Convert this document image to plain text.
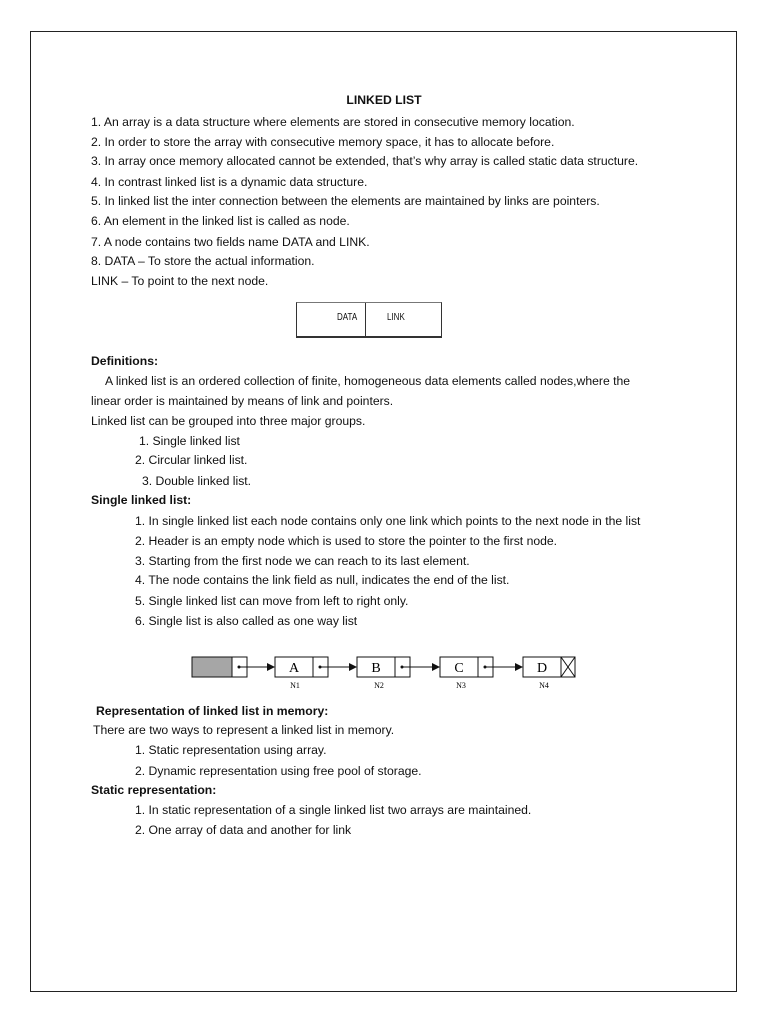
LINKED LIST
1. An array is a data structure where elements are stored in consecutive memory location.
2. In order to store the array with consecutive memory space, it has to allocate before.
3. In array once memory allocated cannot be extended, that’s why array is called static data structure.
4. In contrast linked list is a dynamic data structure.
5. In linked list the inter connection between the elements are maintained by links are pointers.
6. An element in the linked list is called as node.
7. A node contains two fields name DATA and LINK.
8. DATA – To store the actual information.
LINK – To point to the next node.
DATA	LINK
Definitions:
A linked list is an ordered collection of finite, homogeneous data elements called nodes,where the
linear order is maintained by means of link and pointers.
Linked list can be grouped into three major groups.
1. Single linked list
2. Circular linked list.
3. Double linked list.
Single linked list:
1. In single linked list each node contains only one link which points to the next node in the list
2. Header is an empty node which is used to store the pointer to the first node.
3. Starting from the first node we can reach to its last element.
4. The node contains the link field as null, indicates the end of the list.
5. Single linked list can move from left to right only.
6. Single list is also called as one way list
A
N1
B
N2
C
N3
D
N4
Representation of linked list in memory:
There are two ways to represent a linked list in memory.
1. Static representation using array.
2. Dynamic representation using free pool of storage.
Static representation:
1. In static representation of a single linked list two arrays are maintained.
2. One array of data and another for link
